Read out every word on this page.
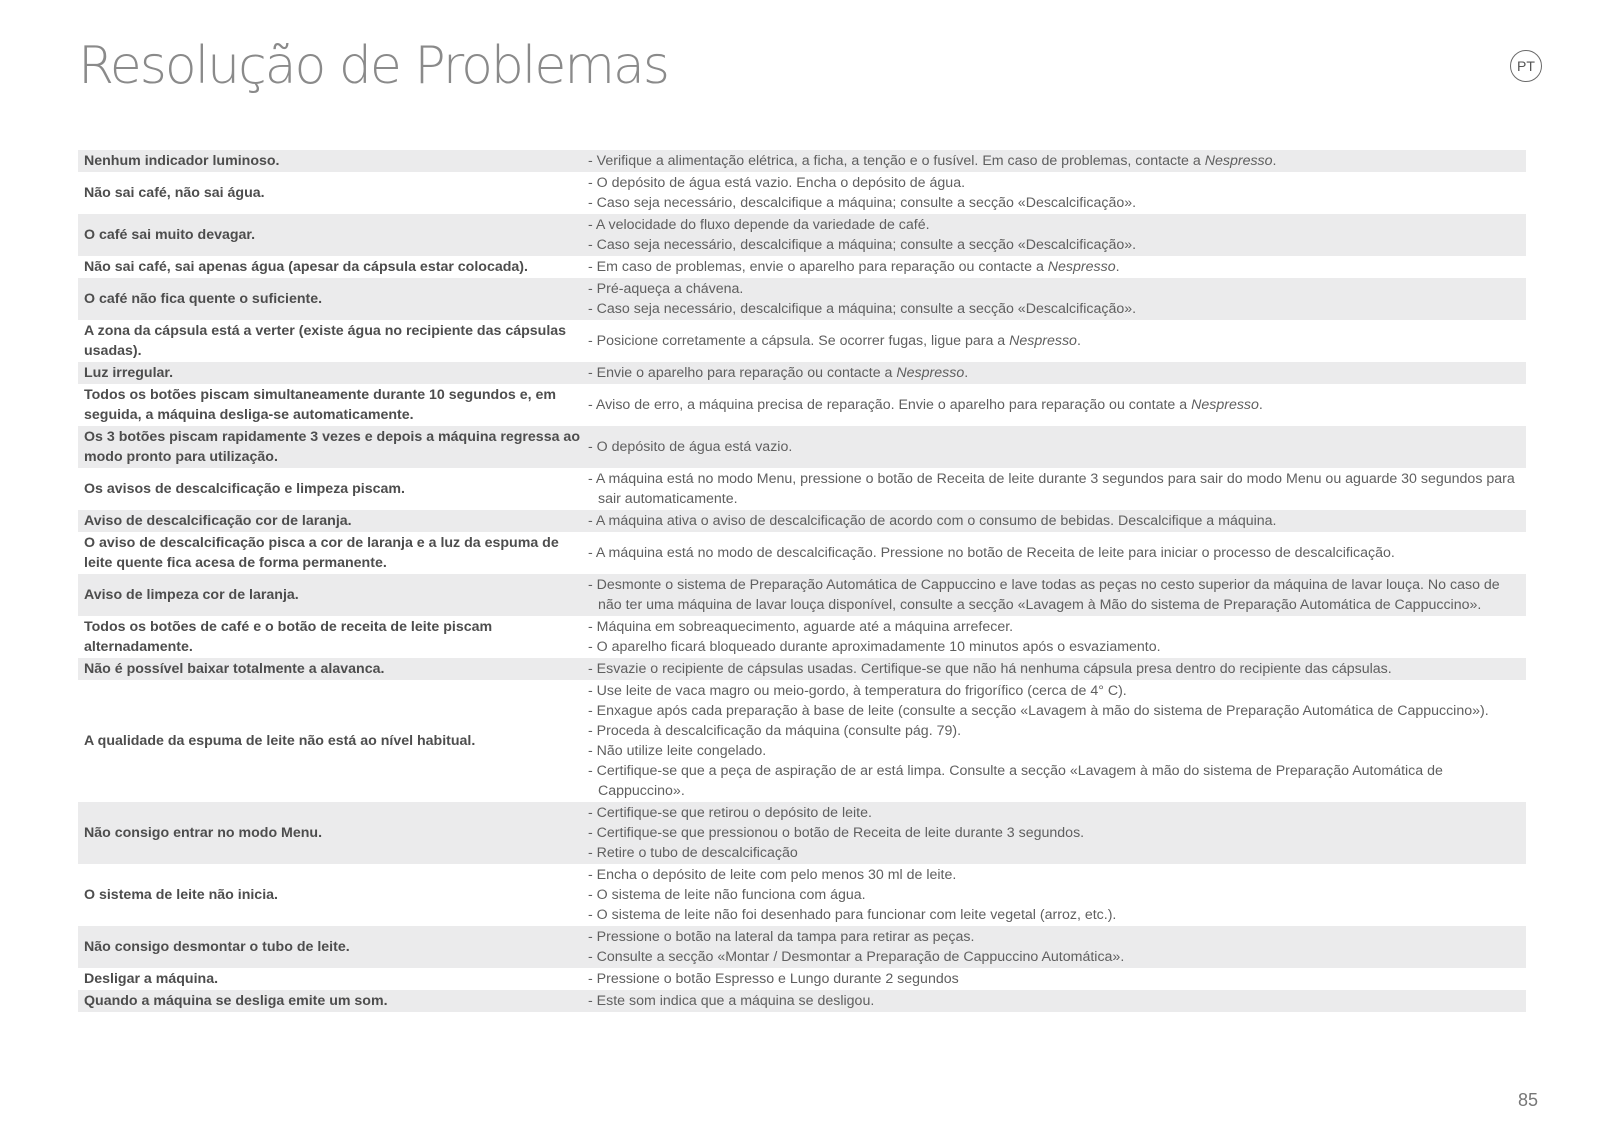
Resolução de Problemas	PT
Nenhum indicador luminoso.	- Verifique a alimentação elétrica, a ficha, a tenção e o fusível. Em caso de problemas, contacte a Nespresso.

Não sai café, não sai água.	- O depósito de água está vazio. Encha o depósito de água.
- Caso seja necessário, descalcifique a máquina; consulte a secção «Descalcificação».

O café sai muito devagar.	- A velocidade do fluxo depende da variedade de café.
- Caso seja necessário, descalcifique a máquina; consulte a secção «Descalcificação».

Não sai café, sai apenas água (apesar da cápsula estar colocada).	- Em caso de problemas, envie o aparelho para reparação ou contacte a Nespresso.

O café não fica quente o suficiente.	- Pré-aqueça a chávena.
- Caso seja necessário, descalcifique a máquina; consulte a secção «Descalcificação».

A zona da cápsula está a verter (existe água no recipiente das cápsulas usadas).	- Posicione corretamente a cápsula. Se ocorrer fugas, ligue para a Nespresso.

Luz irregular.	- Envie o aparelho para reparação ou contacte a Nespresso.

Todos os botões piscam simultaneamente durante 10 segundos e, em seguida, a máquina desliga-se automaticamente.	- Aviso de erro, a máquina precisa de reparação. Envie o aparelho para reparação ou contate a Nespresso.

Os 3 botões piscam rapidamente 3 vezes e depois a máquina regressa ao modo pronto para utilização.	- O depósito de água está vazio.

Os avisos de descalcificação e limpeza piscam.	- A máquina está no modo Menu, pressione o botão de Receita de leite durante 3 segundos para sair do modo Menu ou aguarde 30 segundos para sair automaticamente.

Aviso de descalcificação cor de laranja.	- A máquina ativa o aviso de descalcificação de acordo com o consumo de bebidas. Descalcifique a máquina.

O aviso de descalcificação pisca a cor de laranja e a luz da espuma de leite quente fica acesa de forma permanente.	- A máquina está no modo de descalcificação. Pressione no botão de Receita de leite para iniciar o processo de descalcificação.

Aviso de limpeza cor de laranja.	- Desmonte o sistema de Preparação Automática de Cappuccino e lave todas as peças no cesto superior da máquina de lavar louça. No caso de não ter uma máquina de lavar louça disponível, consulte a secção «Lavagem à Mão do sistema de Preparação Automática de Cappuccino».

Todos os botões de café e o botão de receita de leite piscam alternadamente.	- Máquina em sobreaquecimento, aguarde até a máquina arrefecer.
- O aparelho ficará bloqueado durante aproximadamente 10 minutos após o esvaziamento.

Não é possível baixar totalmente a alavanca.	- Esvazie o recipiente de cápsulas usadas. Certifique-se que não há nenhuma cápsula presa dentro do recipiente das cápsulas.

A qualidade da espuma de leite não está ao nível habitual.	- Use leite de vaca magro ou meio-gordo, à temperatura do frigorífico (cerca de 4° C).
- Enxague após cada preparação à base de leite (consulte a secção «Lavagem à mão do sistema de Preparação Automática de Cappuccino»).
- Proceda à descalcificação da máquina (consulte pág. 79).
- Não utilize leite congelado.
- Certifique-se que a peça de aspiração de ar está limpa. Consulte a secção «Lavagem à mão do sistema de Preparação Automática de Cappuccino».

Não consigo entrar no modo Menu.	- Certifique-se que retirou o depósito de leite.
- Certifique-se que pressionou o botão de Receita de leite durante 3 segundos.
- Retire o tubo de descalcificação

O sistema de leite não inicia.	- Encha o depósito de leite com pelo menos 30 ml de leite.
- O sistema de leite não funciona com água.
- O sistema de leite não foi desenhado para funcionar com leite vegetal (arroz, etc.).

Não consigo desmontar o tubo de leite.	- Pressione o botão na lateral da tampa para retirar as peças.
- Consulte a secção «Montar / Desmontar a Preparação de Cappuccino Automática».

Desligar a máquina.	- Pressione o botão Espresso e Lungo durante 2 segundos

Quando a máquina se desliga emite um som.	- Este som indica que a máquina se desligou.
85
